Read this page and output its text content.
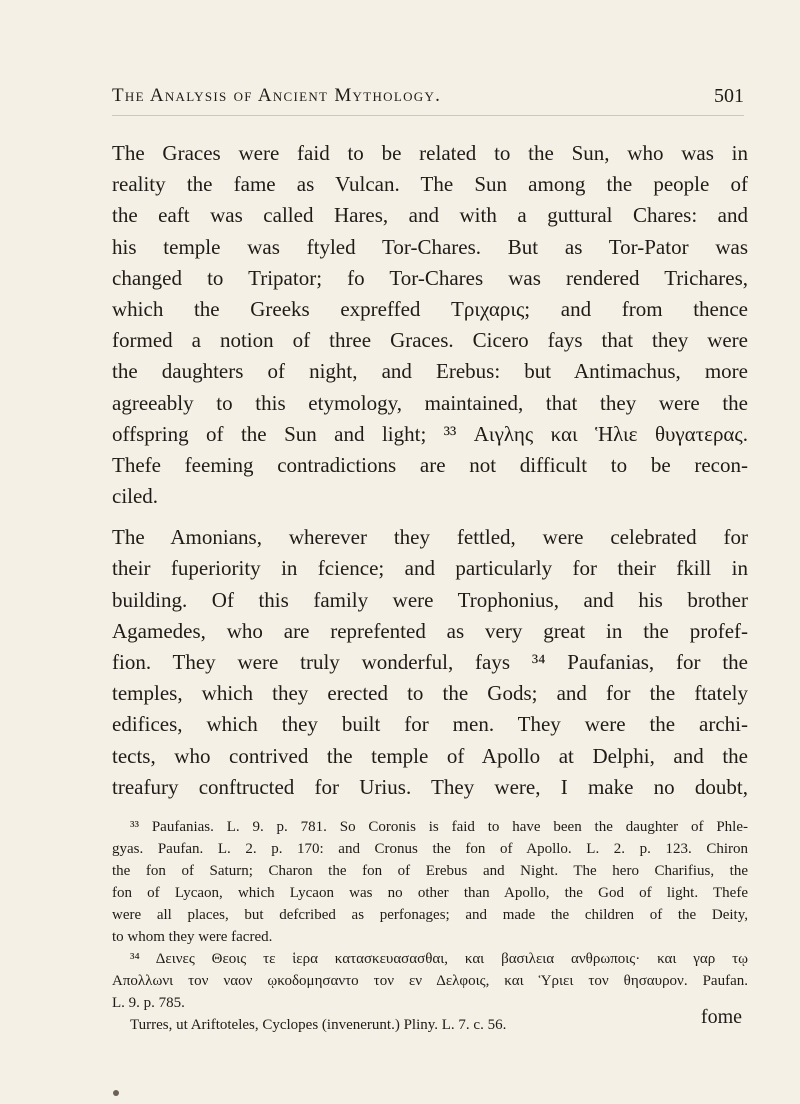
The Analysis of Ancient Mythology.	501
The Graces were faid to be related to the Sun, who was in
reality the fame as Vulcan. The Sun among the people of
the eaft was called Hares, and with a guttural Chares: and
his temple was ftyled Tor-Chares. But as Tor-Pator was
changed to Tripator; fo Tor-Chares was rendered Trichares,
which the Greeks expreffed Τριχαρις; and from thence
formed a notion of three Graces. Cicero fays that they were
the daughters of night, and Erebus: but Antimachus, more
agreeably to this etymology, maintained, that they were the
offspring of the Sun and light; ³³ Αιγλης και Ἡλιε θυγατερας.
Thefe feeming contradictions are not difficult to be recon-
ciled.
The Amonians, wherever they fettled, were celebrated for
their fuperiority in fcience; and particularly for their fkill in
building. Of this family were Trophonius, and his brother
Agamedes, who are reprefented as very great in the profef-
fion. They were truly wonderful, fays ³⁴ Paufanias, for the
temples, which they erected to the Gods; and for the ftately
edifices, which they built for men. They were the archi-
tects, who contrived the temple of Apollo at Delphi, and the
treafury conftructed for Urius. They were, I make no doubt,
³³ Paufanias. L. 9. p. 781. So Coronis is faid to have been the daughter of Phle-
gyas. Paufan. L. 2. p. 170: and Cronus the fon of Apollo. L. 2. p. 123. Chiron
the fon of Saturn; Charon the fon of Erebus and Night. The hero Charifius, the
fon of Lycaon, which Lycaon was no other than Apollo, the God of light. Thefe
were all places, but defcribed as perfonages; and made the children of the Deity,
to whom they were facred.
³⁴ Δεινες Θεοις τε ἱερα κατασκευασασθαι, και βασιλεια ανθρωποις· και γαρ τῳ
Απολλωνι τον ναον ῳκοδομησαντο τον εν Δελφοις, και Ὑριει τον θησαυρον. Paufan.
L. 9. p. 785.
Turres, ut Ariftoteles, Cyclopes (invenerunt.) Pliny. L. 7. c. 56.	fome
